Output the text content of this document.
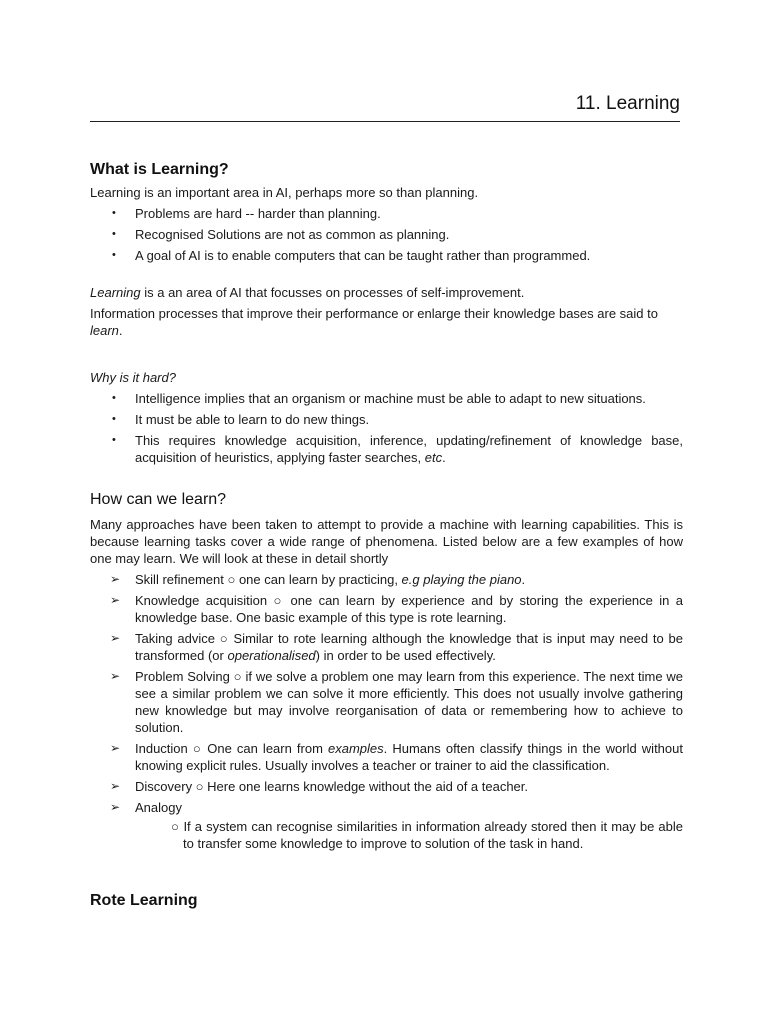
11. Learning
What is Learning?

Learning is an important area in AI, perhaps more so than planning.

• Problems are hard -- harder than planning.
• Recognised Solutions are not as common as planning.
• A goal of AI is to enable computers that can be taught rather than programmed.

Learning is a an area of AI that focusses on processes of self-improvement.

Information processes that improve their performance or enlarge their knowledge bases are said to learn.

Why is it hard?

• Intelligence implies that an organism or machine must be able to adapt to new situations.
• It must be able to learn to do new things.
• This requires knowledge acquisition, inference, updating/refinement of knowledge base, acquisition of heuristics, applying faster searches, etc.
How can we learn?

Many approaches have been taken to attempt to provide a machine with learning capabilities. This is because learning tasks cover a wide range of phenomena. Listed below are a few examples of how one may learn. We will look at these in detail shortly

➢ Skill refinement ○ one can learn by practicing, e.g playing the piano.
➢ Knowledge acquisition ○ one can learn by experience and by storing the experience in a knowledge base. One basic example of this type is rote learning.
➢ Taking advice ○ Similar to rote learning although the knowledge that is input may need to be transformed (or operationalised) in order to be used effectively.
➢ Problem Solving ○ if we solve a problem one may learn from this experience. The next time we see a similar problem we can solve it more efficiently. This does not usually involve gathering new knowledge but may involve reorganisation of data or remembering how to achieve to solution.
➢ Induction ○ One can learn from examples. Humans often classify things in the world without knowing explicit rules. Usually involves a teacher or trainer to aid the classification.
➢ Discovery ○ Here one learns knowledge without the aid of a teacher.
➢ Analogy
○ If a system can recognise similarities in information already stored then it may be able to transfer some knowledge to improve to solution of the task in hand.
Rote Learning
